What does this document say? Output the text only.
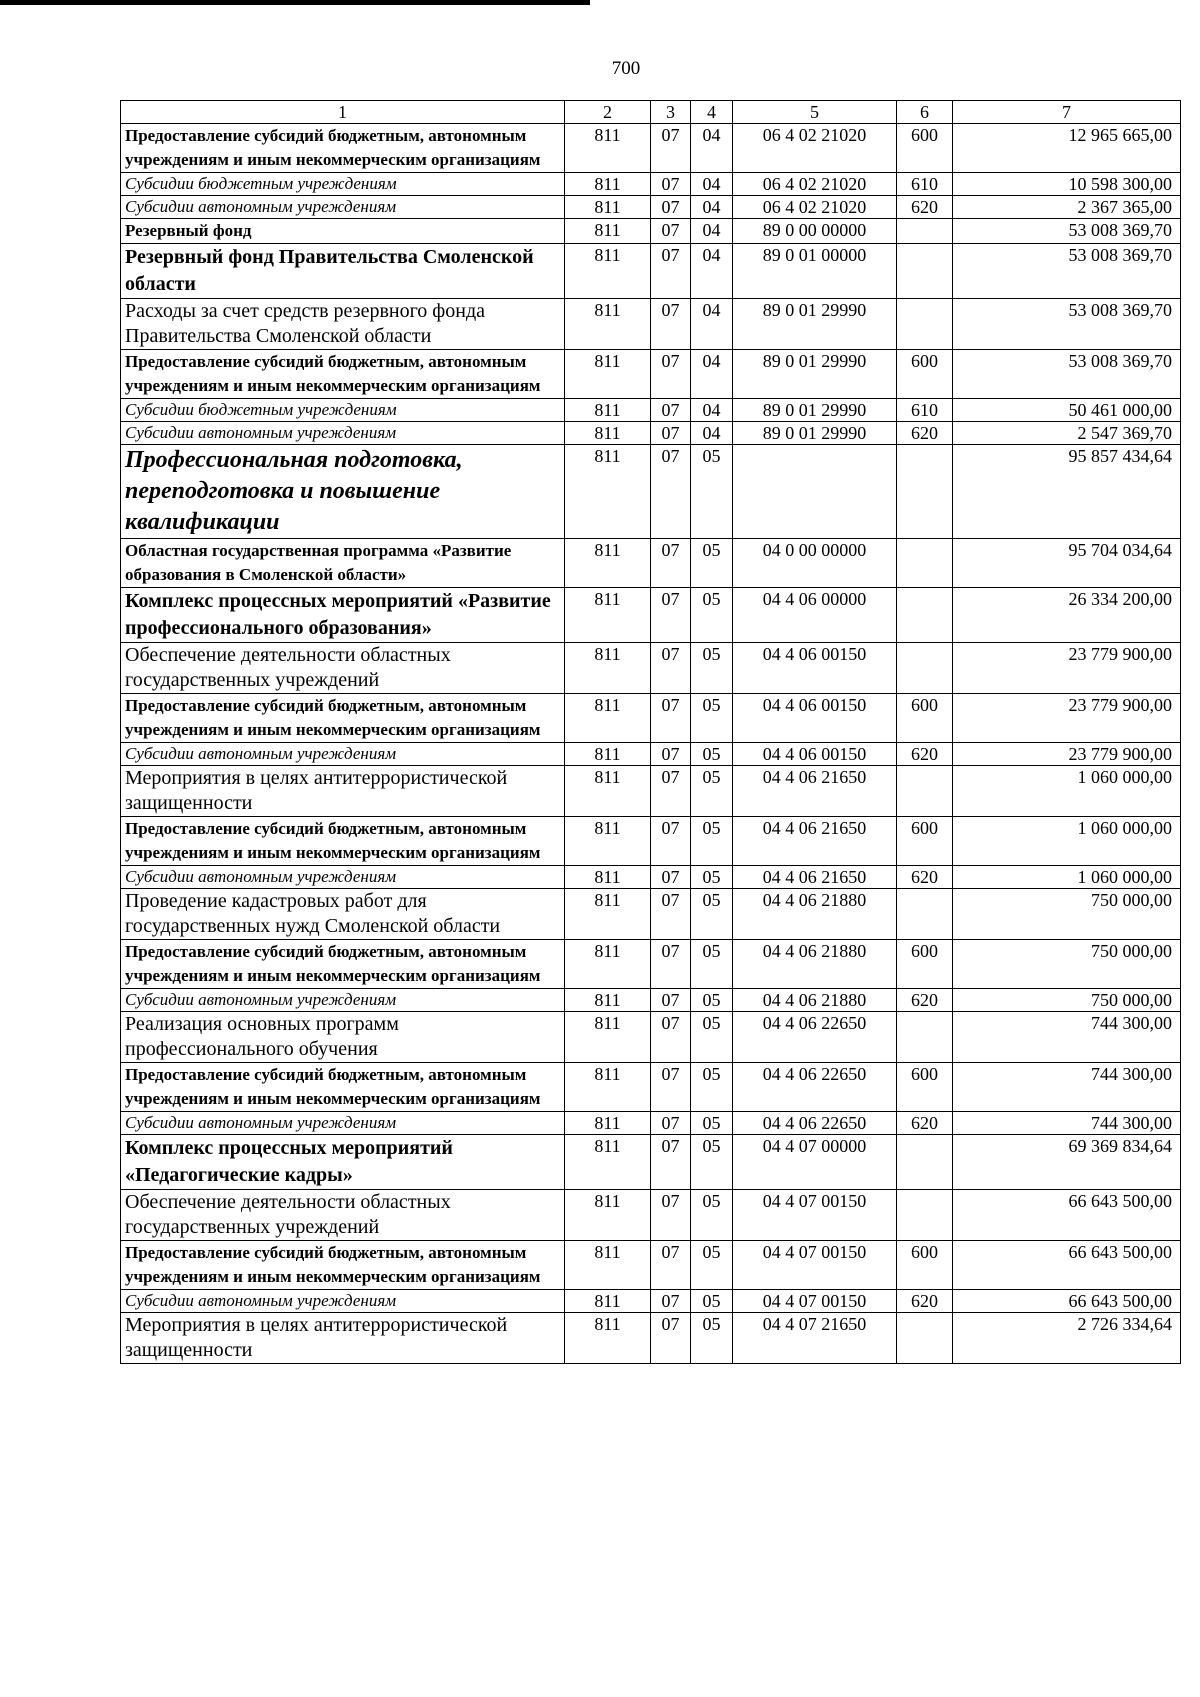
700
1	2	3	4	5	6	7
Предоставление субсидий бюджетным, автономным учреждениям и иным некоммерческим организациям	811	07	04	06 4 02 21020	600	12 965 665,00
Субсидии бюджетным учреждениям	811	07	04	06 4 02 21020	610	10 598 300,00
Субсидии автономным учреждениям	811	07	04	06 4 02 21020	620	2 367 365,00
Резервный фонд	811	07	04	89 0 00 00000		53 008 369,70
Резервный фонд Правительства Смоленской области	811	07	04	89 0 01 00000		53 008 369,70
Расходы за счет средств резервного фонда Правительства Смоленской области	811	07	04	89 0 01 29990		53 008 369,70
Предоставление субсидий бюджетным, автономным учреждениям и иным некоммерческим организациям	811	07	04	89 0 01 29990	600	53 008 369,70
Субсидии бюджетным учреждениям	811	07	04	89 0 01 29990	610	50 461 000,00
Субсидии автономным учреждениям	811	07	04	89 0 01 29990	620	2 547 369,70
Профессиональная подготовка, переподготовка и повышение квалификации	811	07	05			95 857 434,64
Областная государственная программа «Развитие образования в Смоленской области»	811	07	05	04 0 00 00000		95 704 034,64
Комплекс процессных мероприятий «Развитие профессионального образования»	811	07	05	04 4 06 00000		26 334 200,00
Обеспечение деятельности областных государственных учреждений	811	07	05	04 4 06 00150		23 779 900,00
Предоставление субсидий бюджетным, автономным учреждениям и иным некоммерческим организациям	811	07	05	04 4 06 00150	600	23 779 900,00
Субсидии автономным учреждениям	811	07	05	04 4 06 00150	620	23 779 900,00
Мероприятия в целях антитеррористической защищенности	811	07	05	04 4 06 21650		1 060 000,00
Предоставление субсидий бюджетным, автономным учреждениям и иным некоммерческим организациям	811	07	05	04 4 06 21650	600	1 060 000,00
Субсидии автономным учреждениям	811	07	05	04 4 06 21650	620	1 060 000,00
Проведение кадастровых работ для государственных нужд Смоленской области	811	07	05	04 4 06 21880		750 000,00
Предоставление субсидий бюджетным, автономным учреждениям и иным некоммерческим организациям	811	07	05	04 4 06 21880	600	750 000,00
Субсидии автономным учреждениям	811	07	05	04 4 06 21880	620	750 000,00
Реализация основных программ профессионального обучения	811	07	05	04 4 06 22650		744 300,00
Предоставление субсидий бюджетным, автономным учреждениям и иным некоммерческим организациям	811	07	05	04 4 06 22650	600	744 300,00
Субсидии автономным учреждениям	811	07	05	04 4 06 22650	620	744 300,00
Комплекс процессных мероприятий «Педагогические кадры»	811	07	05	04 4 07 00000		69 369 834,64
Обеспечение деятельности областных государственных учреждений	811	07	05	04 4 07 00150		66 643 500,00
Предоставление субсидий бюджетным, автономным учреждениям и иным некоммерческим организациям	811	07	05	04 4 07 00150	600	66 643 500,00
Субсидии автономным учреждениям	811	07	05	04 4 07 00150	620	66 643 500,00
Мероприятия в целях антитеррористической защищенности	811	07	05	04 4 07 21650		2 726 334,64
